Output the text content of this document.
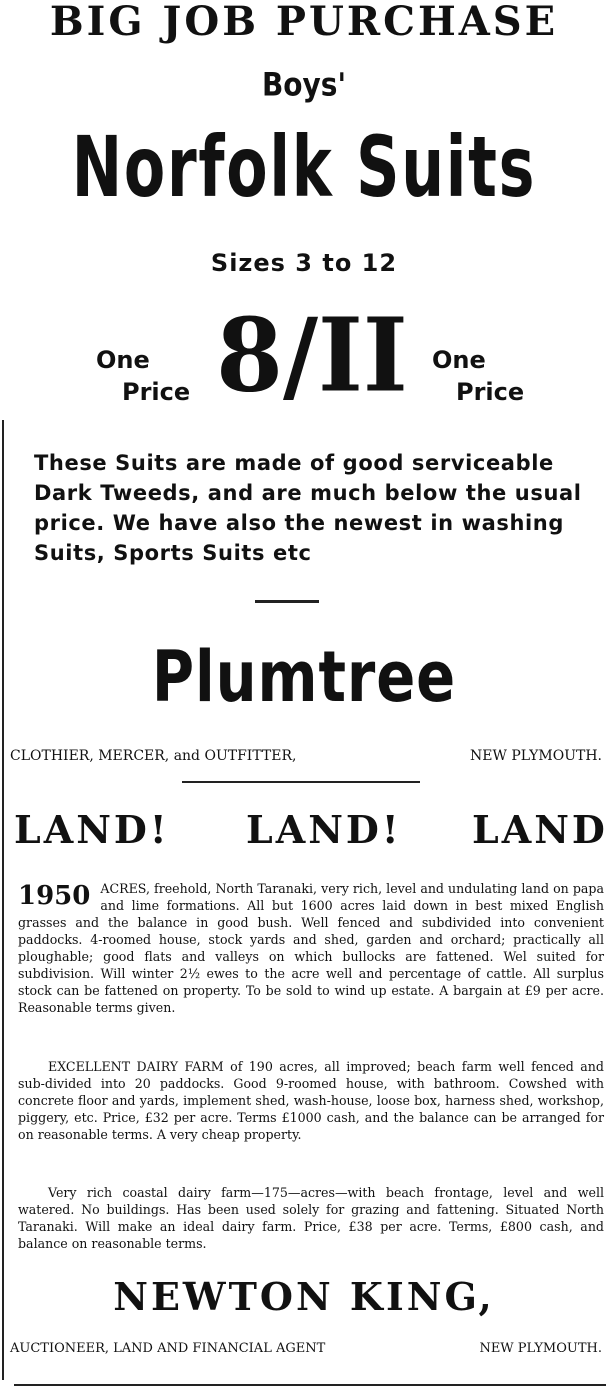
BIG JOB PURCHASE
Boys'
Norfolk Suits
Sizes 3 to 12
One
Price 8/II One
Price
These Suits are made of good serviceable Dark Tweeds, and are much below the usual price. We have also the newest in washing Suits, Sports Suits etc
Plumtree
CLOTHIER, MERCER, and OUTFITTER,	NEW PLYMOUTH.
LAND! LAND! LAND
1950 ACRES, freehold, North Taranaki, very rich, level and undulating land on papa and lime formations. All but 1600 acres laid down in best mixed English grasses and the balance in good bush. Well fenced and subdivided into convenient paddocks. 4-roomed house, stock yards and shed, garden and orchard; practically all ploughable; good flats and valleys on which bullocks are fattened. Wel suited for subdivision. Will winter 2½ ewes to the acre well and percentage of cattle. All surplus stock can be fattened on property. To be sold to wind up estate. A bargain at £9 per acre. Reasonable terms given.
EXCELLENT DAIRY FARM of 190 acres, all improved; beach farm well fenced and sub-divided into 20 paddocks. Good 9-roomed house, with bathroom. Cowshed with concrete floor and yards, implement shed, wash-house, loose box, harness shed, workshop, piggery, etc. Price, £32 per acre. Terms £1000 cash, and the balance can be arranged for on reasonable terms. A very cheap property.
Very rich coastal dairy farm—175—acres—with beach frontage, level and well watered. No buildings. Has been used solely for grazing and fattening. Situated North Taranaki. Will make an ideal dairy farm. Price, £38 per acre. Terms, £800 cash, and balance on reasonable terms.
NEWTON KING,
AUCTIONEER, LAND AND FINANCIAL AGENT	NEW PLYMOUTH.
